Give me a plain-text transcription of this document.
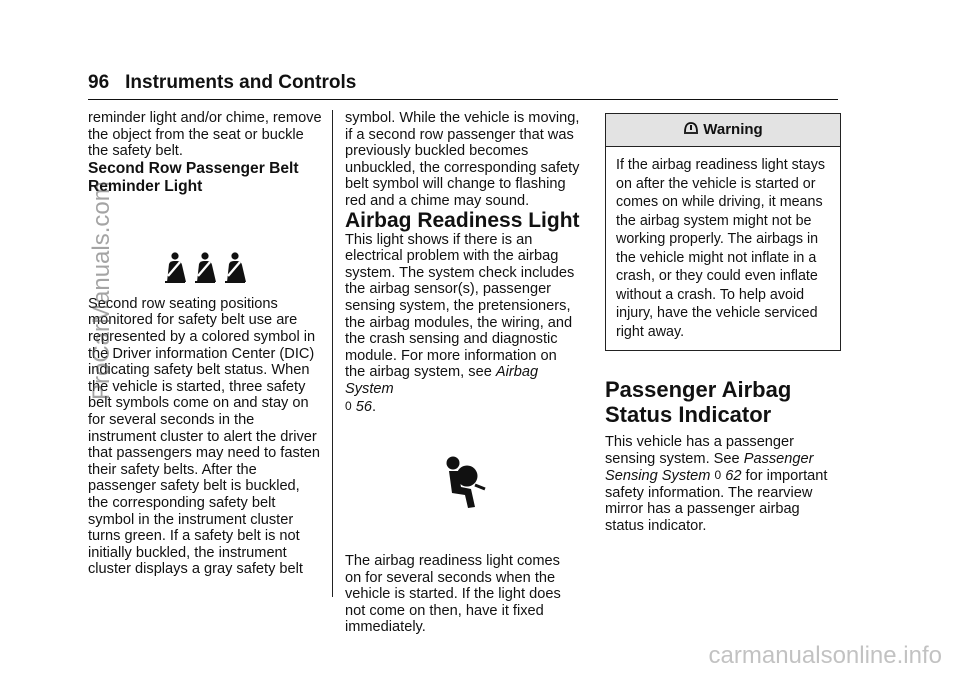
96 Instruments and Controls

reminder light and/or chime, remove the object from the seat or buckle the safety belt.

Second Row Passenger Belt Reminder Light

Second row seating positions monitored for safety belt use are represented by a colored symbol in the Driver information Center (DIC) indicating safety belt status. When the vehicle is started, three safety belt symbols come on and stay on for several seconds in the instrument cluster to alert the driver that passengers may need to fasten their safety belts. After the passenger safety belt is buckled, the corresponding safety belt symbol in the instrument cluster turns green. If a safety belt is not initially buckled, the instrument cluster displays a gray safety belt

symbol. While the vehicle is moving, if a second row passenger that was previously buckled becomes unbuckled, the corresponding safety belt symbol will change to flashing red and a chime may sound.

Airbag Readiness Light

This light shows if there is an electrical problem with the airbag system. The system check includes the airbag sensor(s), passenger sensing system, the pretensioners, the airbag modules, the wiring, and the crash sensing and diagnostic module. For more information on the airbag system, see Airbag System
0 56.

The airbag readiness light comes on for several seconds when the vehicle is started. If the light does not come on then, have it fixed immediately.

Warning
If the airbag readiness light stays on after the vehicle is started or comes on while driving, it means the airbag system might not be working properly. The airbags in the vehicle might not inflate in a crash, or they could even inflate without a crash. To help avoid injury, have the vehicle serviced right away.

Passenger Airbag Status Indicator

This vehicle has a passenger sensing system. See Passenger Sensing System 0 62 for important safety information. The rearview mirror has a passenger airbag status indicator.

ProCarManuals.com
carmanualsonline.info
